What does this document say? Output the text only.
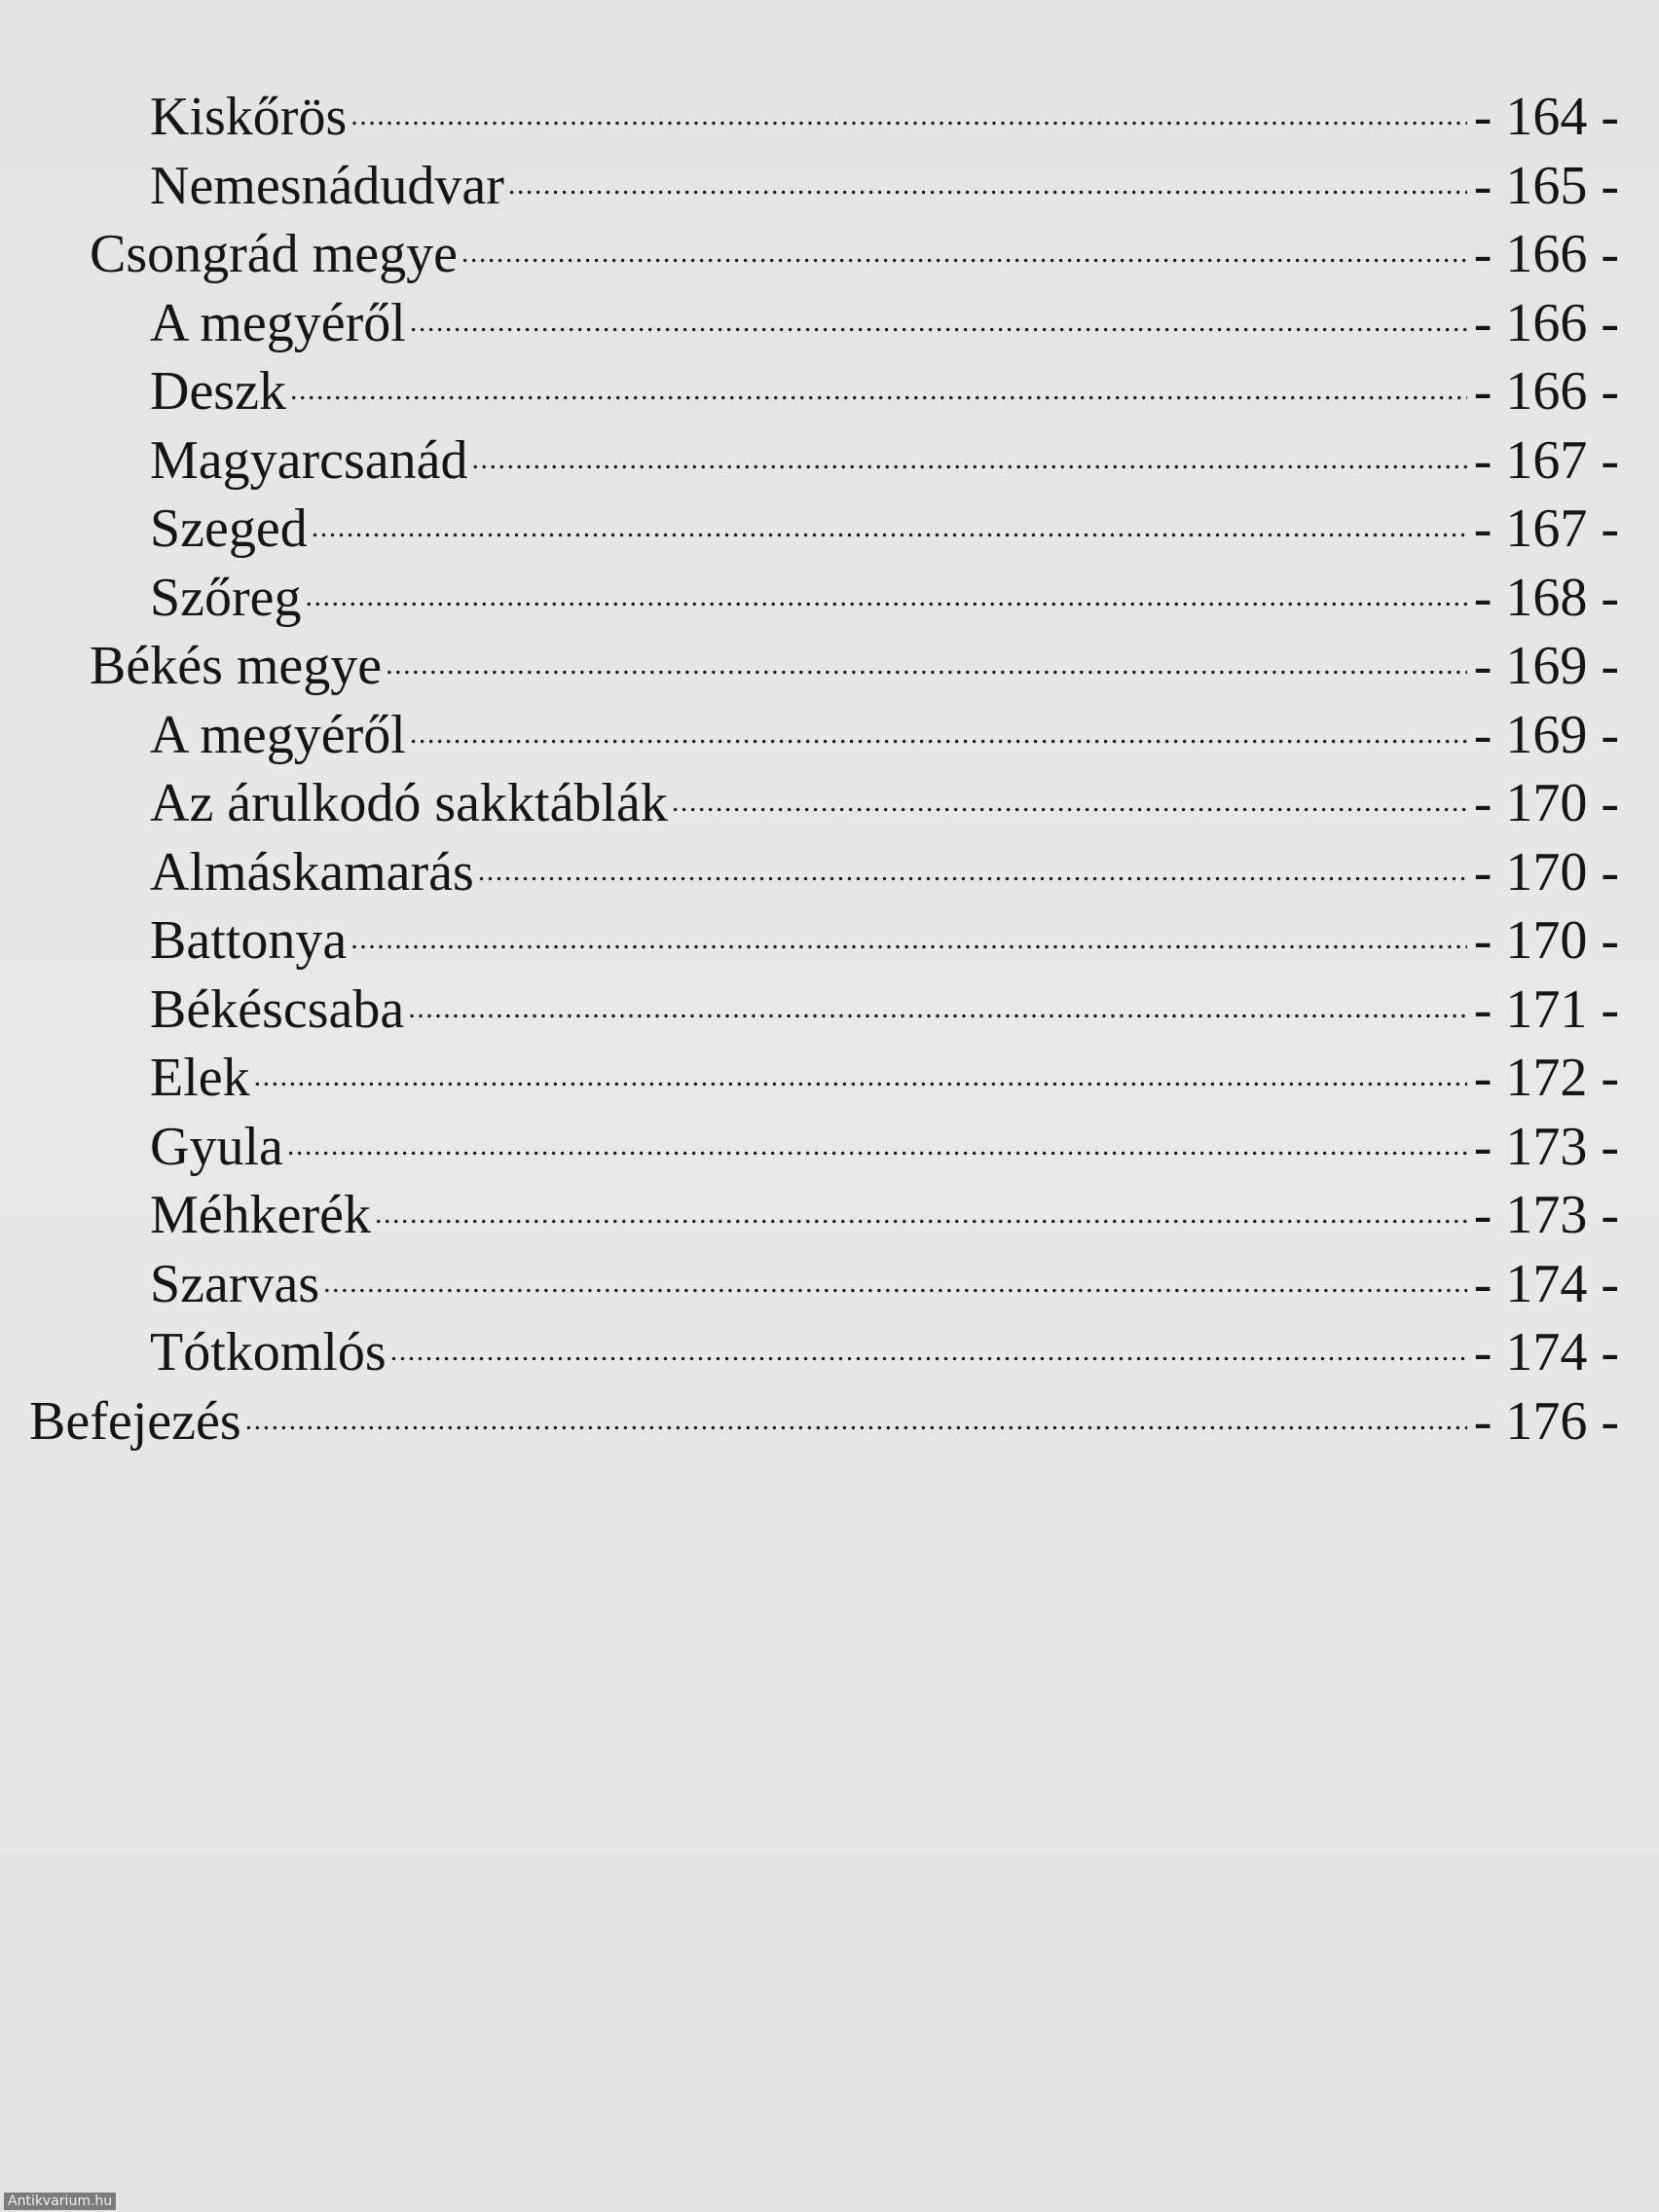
Kiskőrös . . .	- 164 -
Nemesnádudvar . . .	- 165 -
Csongrád megye . . .	- 166 -
A megyéről . . .	- 166 -
Deszk . . .	- 166 -
Magyarcsanád . . .	- 167 -
Szeged . . .	- 167 -
Szőreg . . .	- 168 -
Békés megye . . .	- 169 -
A megyéről . . .	- 169 -
Az árulkodó sakktáblák . . .	- 170 -
Almáskamarás . . .	- 170 -
Battonya . . .	- 170 -
Békéscsaba . . .	- 171 -
Elek . . .	- 172 -
Gyula . . .	- 173 -
Méhkerék . . .	- 173 -
Szarvas . . .	- 174 -
Tótkomlós . . .	- 174 -
Befejezés . . .	- 176 -
Antikvarium.hu
